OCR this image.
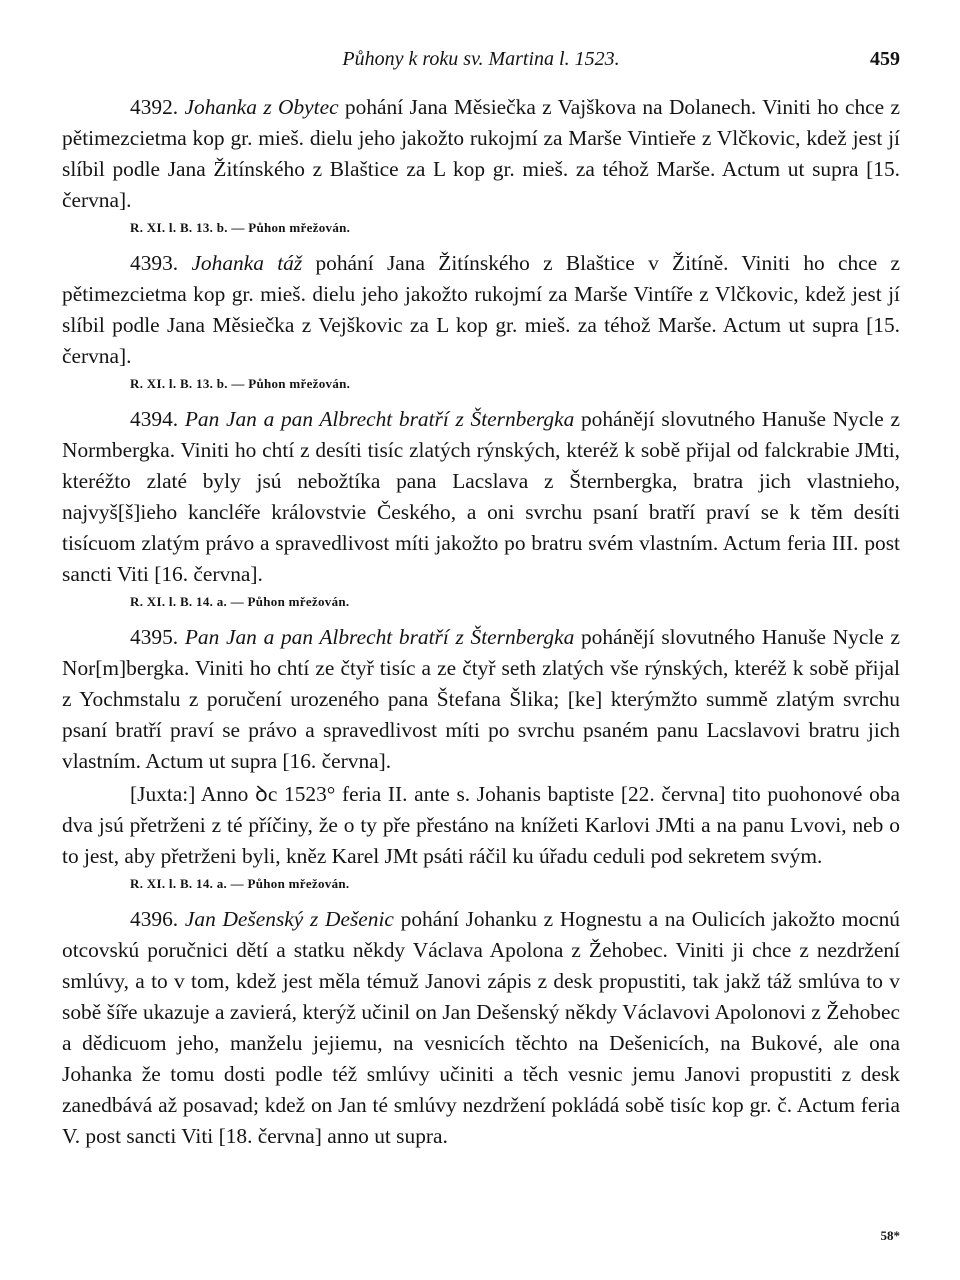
Půhony k roku sv. Martina l. 1523.	459

4392. Johanka z Obytec pohání Jana Měsiečka z Vajškova na Dolanech. Viniti ho chce z pětimezcietma kop gr. mieš. dielu jeho jakožto rukojmí za Marše Vintieře z Vlčkovic, kdež jest jí slíbil podle Jana Žitínského z Blaštice za L kop gr. mieš. za téhož Marše. Actum ut supra [15. června].

R. XI. l. B. 13. b. — Půhon mřežován.

4393. Johanka táž pohání Jana Žitínského z Blaštice v Žitíně. Viniti ho chce z pětimezcietma kop gr. mieš. dielu jeho jakožto rukojmí za Marše Vintíře z Vlčkovic, kdež jest jí slíbil podle Jana Měsiečka z Vejškovic za L kop gr. mieš. za téhož Marše. Actum ut supra [15. června].

R. XI. l. B. 13. b. — Půhon mřežován.

4394. Pan Jan a pan Albrecht bratří z Šternbergka pohánějí slovutného Hanuše Nycle z Normbergka. Viniti ho chtí z desíti tisíc zlatých rýnských, kteréž k sobě přijal od falckrabie JMti, kteréžto zlaté byly jsú nebožtíka pana Lacslava z Šternbergka, bratra jich vlastnieho, najvyš[š]ieho kancléře královstvie Českého, a oni svrchu psaní bratří praví se k těm desíti tisícuom zlatým právo a spravedlivost míti jakožto po bratru svém vlastním. Actum feria III. post sancti Viti [16. června].

R. XI. l. B. 14. a. — Půhon mřežován.

4395. Pan Jan a pan Albrecht bratří z Šternbergka pohánějí slovutného Hanuše Nycle z Nor[m]bergka. Viniti ho chtí ze čtyř tisíc a ze čtyř seth zlatých vše rýnských, kteréž k sobě přijal z Yochmstalu z poručení urozeného pana Štefana Šlika; [ke] kterýmžto summě zlatým svrchu psaní bratří praví se právo a spravedlivost míti po svrchu psaném panu Lacslavovi bratru jich vlastním. Actum ut supra [16. června].

[Juxta:] Anno ꝺc 1523° feria II. ante s. Johanis baptiste [22. června] tito puohonové oba dva jsú přetrženi z té příčiny, že o ty pře přestáno na knížeti Karlovi JMti a na panu Lvovi, neb o to jest, aby přetrženi byli, kněz Karel JMt psáti ráčil ku úřadu ceduli pod sekretem svým.

R. XI. l. B. 14. a. — Půhon mřežován.

4396. Jan Dešenský z Dešenic pohání Johanku z Hognestu a na Oulicích jakožto mocnú otcovskú poručnici dětí a statku někdy Václava Apolona z Žehobec. Viniti ji chce z nezdržení smlúvy, a to v tom, kdež jest měla témuž Janovi zápis z desk propustiti, tak jakž táž smlúva to v sobě šíře ukazuje a zavierá, kterýž učinil on Jan Dešenský někdy Václavovi Apolonovi z Žehobec a dědicuom jeho, manželu jejiemu, na vesnicích těchto na Dešenicích, na Bukové, ale ona Johanka že tomu dosti podle též smlúvy učiniti a těch vesnic jemu Janovi propustiti z desk zanedbává až posavad; kdež on Jan té smlúvy nezdržení pokládá sobě tisíc kop gr. č. Actum feria V. post sancti Viti [18. června] anno ut supra.

58*
